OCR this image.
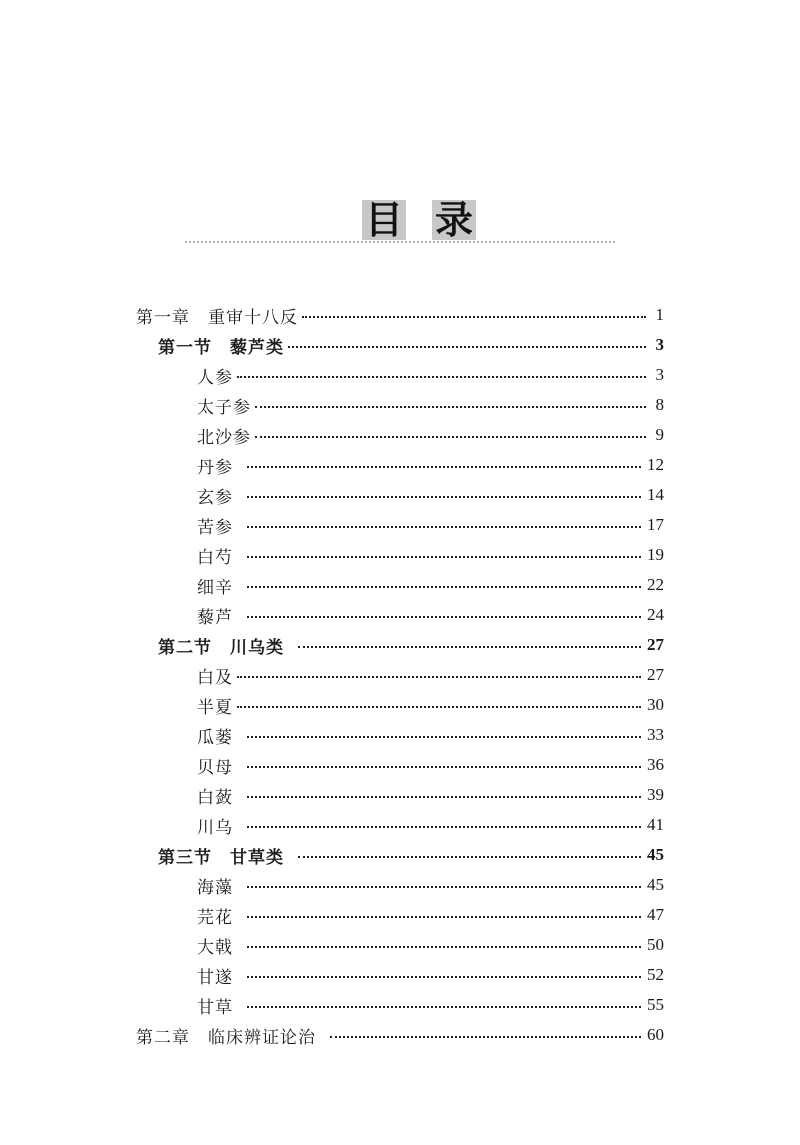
目 录
第一章　重审十八反	1
第一节　藜芦类	3
人参	3
太子参	8
北沙参	9
丹参	12
玄参	14
苦参	17
白芍	19
细辛	22
藜芦	24
第二节　川乌类	27
白及	27
半夏	30
瓜蒌	33
贝母	36
白蔹	39
川乌	41
第三节　甘草类	45
海藻	45
芫花	47
大戟	50
甘遂	52
甘草	55
第二章　临床辨证论治	60
